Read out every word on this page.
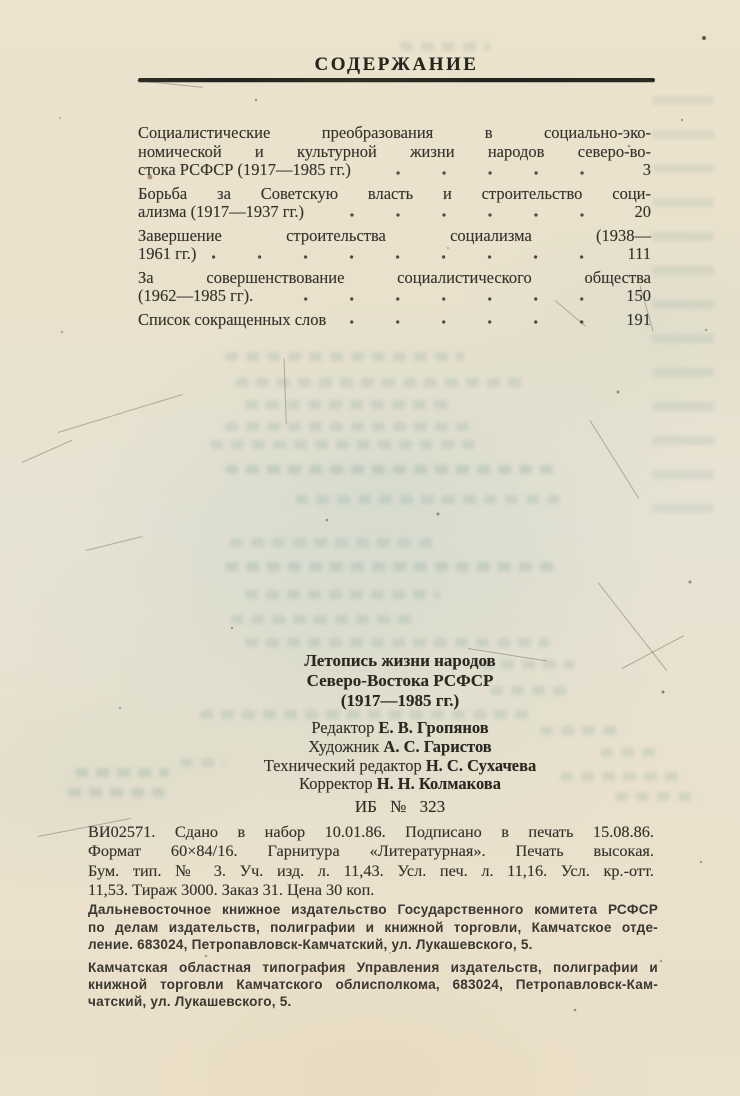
СОДЕРЖАНИЕ
Социалистические преобразования в социально-эко-
номической и культурной жизни народов северо-во-
стока РСФСР (1917—1985 гг.)	3
Борьба за Советскую власть и строительство соци-
ализма (1917—1937 гг.)	20
Завершение строительства социализма (1938—
1961 гг.)	111
За совершенствование социалистического общества
(1962—1985 гг).	150
Список сокращенных слов	191
Летопись жизни народов
Северо-Востока РСФСР
(1917—1985 гг.)
Редактор Е. В. Гропянов
Художник А. С. Гаристов
Технический редактор Н. С. Сухачева
Корректор Н. Н. Колмакова
ИБ № 323
ВИ02571. Сдано в набор 10.01.86. Подписано в печать 15.08.86.
Формат 60×84/16. Гарнитура «Литературная». Печать высокая.
Бум. тип. № 3. Уч. изд. л. 11,43. Усл. печ. л. 11,16. Усл. кр.-отт.
11,53. Тираж 3000. Заказ 31. Цена 30 коп.
Дальневосточное книжное издательство Государственного комитета РСФСР
по делам издательств, полиграфии и книжной торговли, Камчатское отде-
ление. 683024, Петропавловск-Камчатский, ул. Лукашевского, 5.
Камчатская областная типография Управления издательств, полиграфии и
книжной торговли Камчатского облисполкома, 683024, Петропавловск-Кам-
чатский, ул. Лукашевского, 5.
